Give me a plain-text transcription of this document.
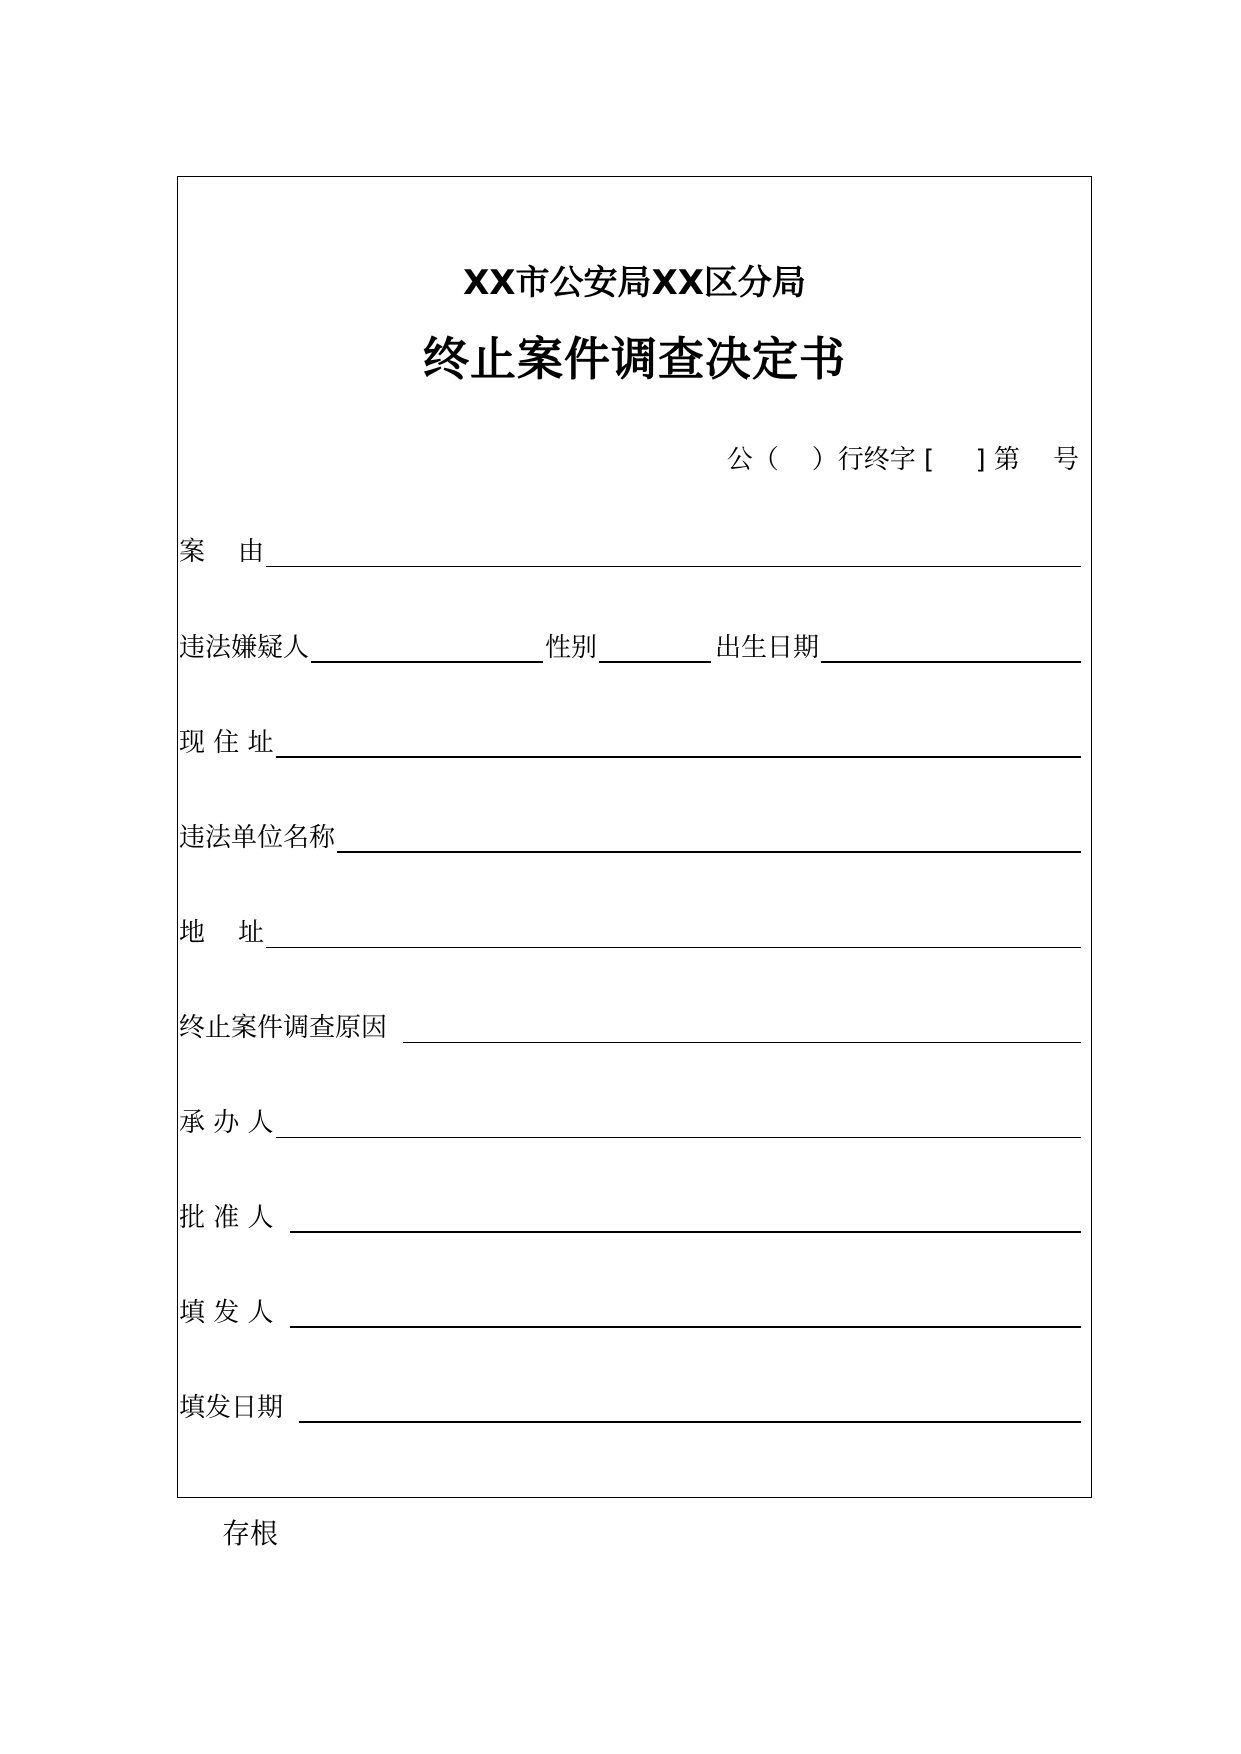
XX市公安局XX区分局
终止案件调查决定书
公（    ）行终字 [     ] 第    号
案    由
违法嫌疑人	性别	出生日期
现 住 址
违法单位名称
地    址
终止案件调查原因
承 办 人
批 准 人
填 发 人
填发日期
存根
